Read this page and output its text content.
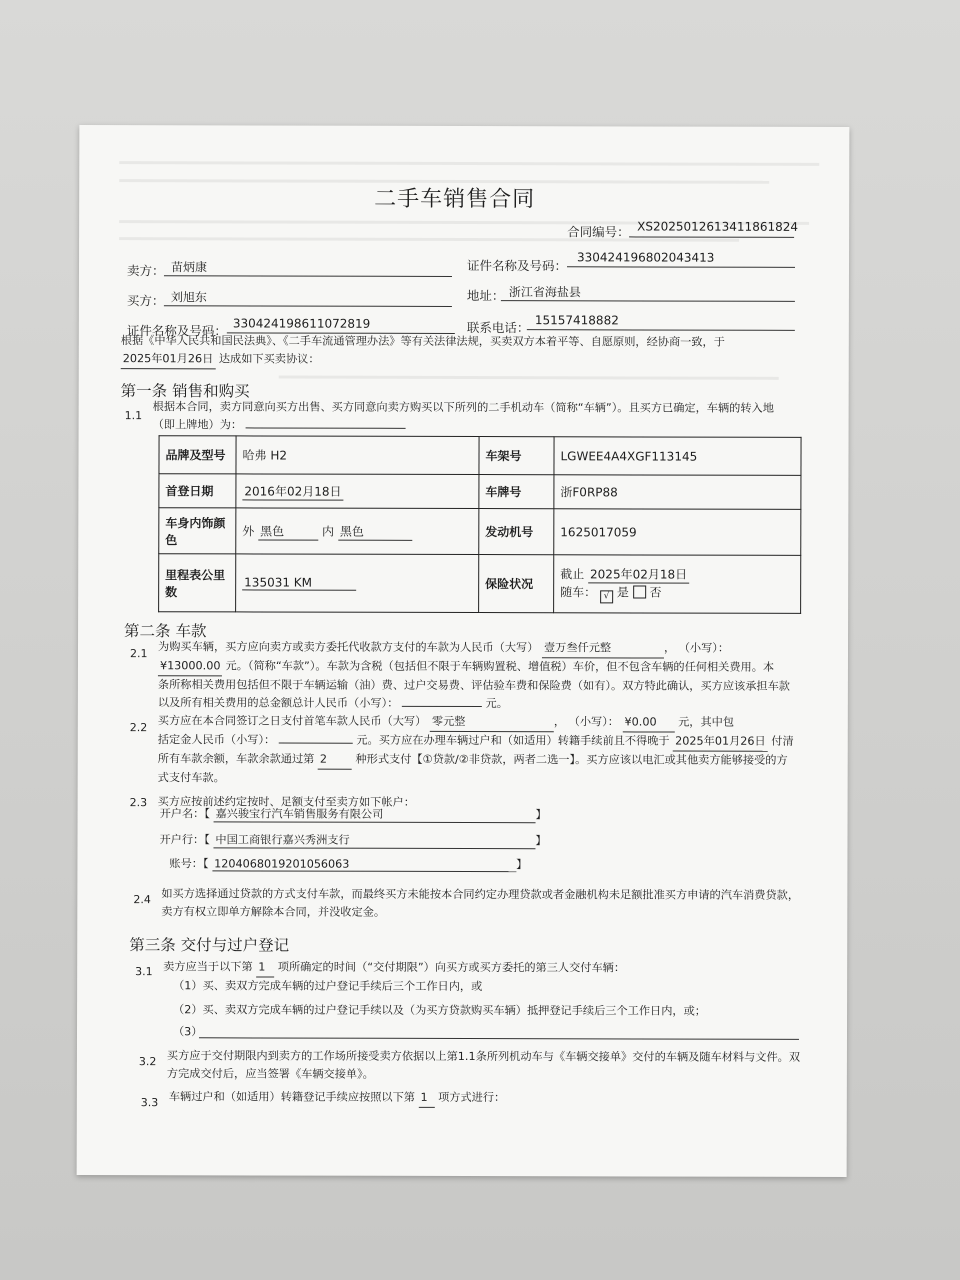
二手车销售合同
合同编号： XS20250126134118618​24
卖方： 苗炳康	证件名称及号码：
330424196802043413
买方： 刘旭东	地址： 浙江省海盐县
证件名称及号码： 330424198611072819	联系电话： 15157418882
根据《中华人民共和国民法典》、《二手车流通管理办法》等有关法律法规，买卖双方本着平等、自愿原则，经协商一致，于 2025年01月26日 达成如下买卖协议：
第一条 销售和购买
1.1
根据本合同，卖方同意向买方出售、买方同意向卖方购买以下所列的二手机动车（简称“车辆”）。且买方已确定，车辆的转入地
（即上牌地）为：
品牌及型号	哈弗 H2	车架号	LGWEE4A4XGF113145
首登日期	2016年02月18日	车牌号	浙F0RP88
车身内饰颜色	外 黑色 内 黑色	发动机号	1625017059
里程表公里数	135031 KM	保险状况	截止 2025年02月18日
随车： √ 是 否
第二条 车款
2.1 为购买车辆，买方应向卖方或卖方委托代收款方支付的车款为人民币（大写） 壹万叁仟元整	， （小写）：
¥13000.00 元。（简称“车款”）。车款为含税（包括但不限于车辆购置税、增值税）车价，但不包含车辆的任何相关费用。本
条所称相关费用包括但不限于车辆运输（油）费、过户交易费、评估验车费和保险费（如有）。双方特此确认，买方应该承担车款
以及所有相关费用的总金额总计人民币（小写）：	元。
2.2 买方应在本合同签订之日支付首笔车款人民币（大写） 零元整	， （小写）： ¥0.00 元，其中包
括定金人民币（小写）：	元。买方应在办理车辆过户和（如适用）转籍手续前且不得晚于 2025年01月26日 付清
所有车款余额，车款余款通过第 2	种形式支付【①贷款/②非贷款，两者二选一】。买方应该以电汇或其他卖方能够接受的方
式支付车款。
2.3 买方应按前述约定按时、足额支付至卖方如下帐户：
开户名：【 嘉兴骏宝行汽车销售服务有限公司	】
开户行：【 中国工商银行嘉兴秀洲支行	】
账号：【 1204068019201056063	】
2.4 如买方选择通过贷款的方式支付车款，而最终买方未能按本合同约定办理贷款或者金融机构未足额批准买方申请的汽车消费贷款，
卖方有权立即单方解除本合同，并没收定金。
第三条 交付与过户登记
3.1 卖方应当于以下第 1 项所确定的时间（“交付期限”）向买方或买方委托的第三人交付车辆：
（1）买、卖双方完成车辆的过户登记手续后三个工作日内，或
（2）买、卖双方完成车辆的过户登记手续以及（为买方贷款购买车辆）抵押登记手续后三个工作日内，或；
（3）
3.2 买方应于交付期限内到卖方的工作场所接受卖方依据以上第1.1条所列机动车与《车辆交接单》交付的车辆及随车材料与文件。双
方完成交付后，应当签署《车辆交接单》。
3.3 车辆过户和（如适用）转籍登记手续应按照以下第 1 项方式进行：
